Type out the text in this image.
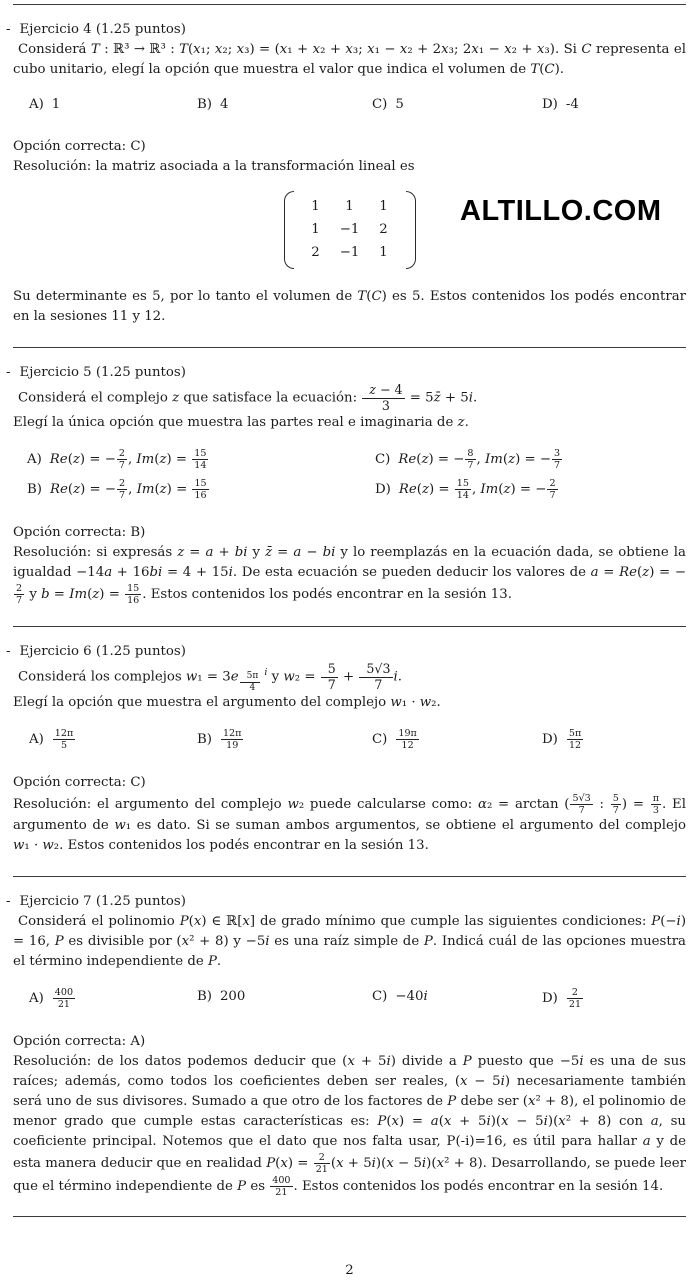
- Ejercicio 4 (1.25 puntos)

Considerá T : ℝ³ → ℝ³ : T(x₁; x₂; x₃) = (x₁ + x₂ + x₃; x₁ − x₂ + 2x₃; 2x₁ − x₂ + x₃). Si C representa el cubo unitario, elegí la opción que muestra el valor que indica el volumen de T(C).

A) 1	B) 4	C) 5	D) -4

Opción correcta: C)

Resolución: la matriz asociada a la transformación lineal es

1	1	1
1	−1	2
2	−1	1
ALTILLO.COM

Su determinante es 5, por lo tanto el volumen de T(C) es 5. Estos contenidos los podés encontrar en la sesiones 11 y 12.

- Ejercicio 5 (1.25 puntos)

Considerá el complejo z que satisface la ecuación: $\frac{z - 4}{3}$ = 5z̄ + 5i.

Elegí la única opción que muestra las partes real e imaginaria de z.

A) Re(z) = − $\frac{2}{7}$ , $Im(z) = \frac{15}{14}$	C) Re(z) = − $\frac{8}{7}$ , Im(z) = − $\frac{3}{7}$
B) Re(z) = − $\frac{2}{7}$ , $Im(z) = \frac{15}{16}$	D) $Re(z) = \frac{15}{14}$ , Im(z) = − $\frac{2}{7}$

Opción correcta: B)

Resolución: si expresás z = a + bi y z̄ = a − bi y lo reemplazás en la ecuación dada, se obtiene la igualdad −14a + 16bi = 4 + 15i. De esta ecuación se pueden deducir los valores de a = Re(z) = −
$\frac{2}{7}$ y $b = Im(z) = \frac{15}{16}$ . Estos contenidos los podés encontrar en la sesión 13.

- Ejercicio 6 (1.25 puntos)

Considerá los complejos w₁ = 3e $^{\frac{5\pi}{4} i}$ y $w_2 = \frac{5}{7} + \frac{5√3}{7} i$.

Elegí la opción que muestra el argumento del complejo w₁ · w₂.

$A) \frac{12\pi}{5}$	$B) \frac{12\pi}{19}$	$C) \frac{19\pi}{12}$	$D) \frac{5\pi}{12}$

Opción correcta: C)

Resolución: el argumento del complejo w₂ puede calcularse como: α₂ = arctan ( $\frac{5√3}{7}$ : $\frac{5}{7}$ ) = $\frac{\pi}{3}$ . El argumento de w₁ es dato. Si se suman ambos argumentos, se obtiene el argumento del complejo w₁ · w₂. Estos contenidos los podés encontrar en la sesión 13.

- Ejercicio 7 (1.25 puntos)

Considerá el polinomio P(x) ∈ ℝ[x] de grado mínimo que cumple las siguientes condiciones: P(−i) = 16, P es divisible por (x² + 8) y −5i es una raíz simple de P. Indicá cuál de las opciones muestra el término independiente de P.

$A) \frac{400}{21}$	B) 200	C) −40i	$D) \frac{2}{21}$

Opción correcta: A)

Resolución: de los datos podemos deducir que (x + 5i) divide a P puesto que −5i es una de sus raíces; además, como todos los coeficientes deben ser reales, (x − 5i) necesariamente también será uno de sus divisores. Sumado a que otro de los factores de P debe ser (x² + 8), el polinomio de menor grado que cumple estas características es: P(x) = a(x + 5i)(x − 5i)(x² + 8) con a, su coeficiente principal. Notemos que el dato que nos falta usar, P(-i)=16, es útil para hallar a y de esta manera deducir que en realidad $P(x) = \frac{2}{21} (x + 5i)(x - 5i)(x^2 + 8)$. Desarrollando, se puede leer que el término independiente de P es $\frac{400}{21}$ . Estos contenidos los podés encontrar en la sesión 14.

2
